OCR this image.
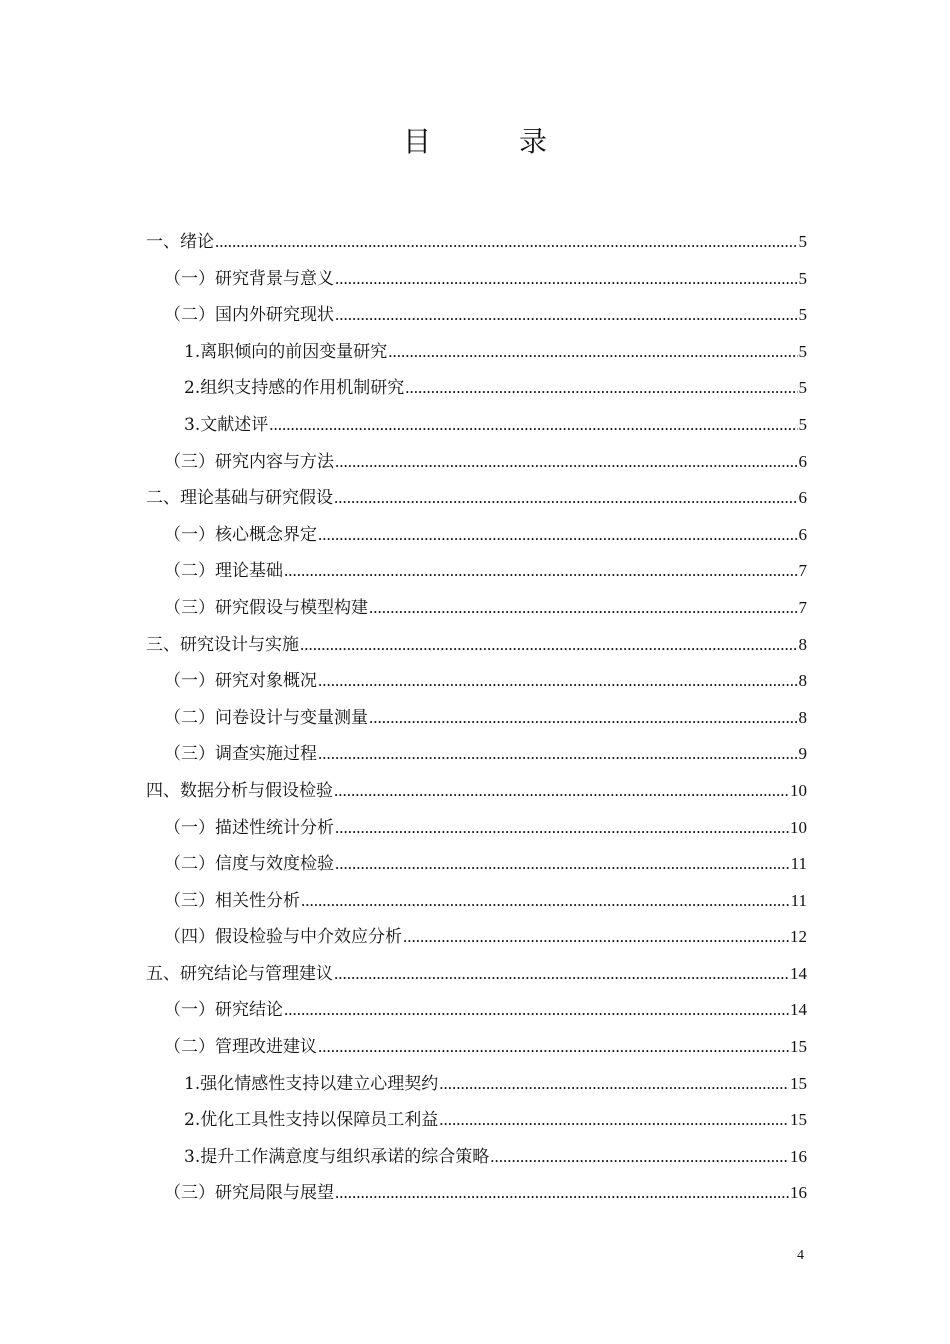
目　录
一、绪论 .....	5
（一）研究背景与意义 .....	5
（二）国内外研究现状 .....	5
1.离职倾向的前因变量研究 .....	5
2.组织支持感的作用机制研究 .....	5
3.文献述评 .....	5
（三）研究内容与方法 .....	6
二、理论基础与研究假设 .....	6
（一）核心概念界定 .....	6
（二）理论基础 .....	7
（三）研究假设与模型构建 .....	7
三、研究设计与实施 .....	8
（一）研究对象概况 .....	8
（二）问卷设计与变量测量 .....	8
（三）调查实施过程 .....	9
四、数据分析与假设检验 .....	10
（一）描述性统计分析 .....	10
（二）信度与效度检验 .....	11
（三）相关性分析 .....	11
（四）假设检验与中介效应分析 .....	12
五、研究结论与管理建议 .....	14
（一）研究结论 .....	14
（二）管理改进建议 .....	15
1.强化情感性支持以建立心理契约 .....	15
2.优化工具性支持以保障员工利益 .....	15
3.提升工作满意度与组织承诺的综合策略 .....	16
（三）研究局限与展望 .....	16
4
